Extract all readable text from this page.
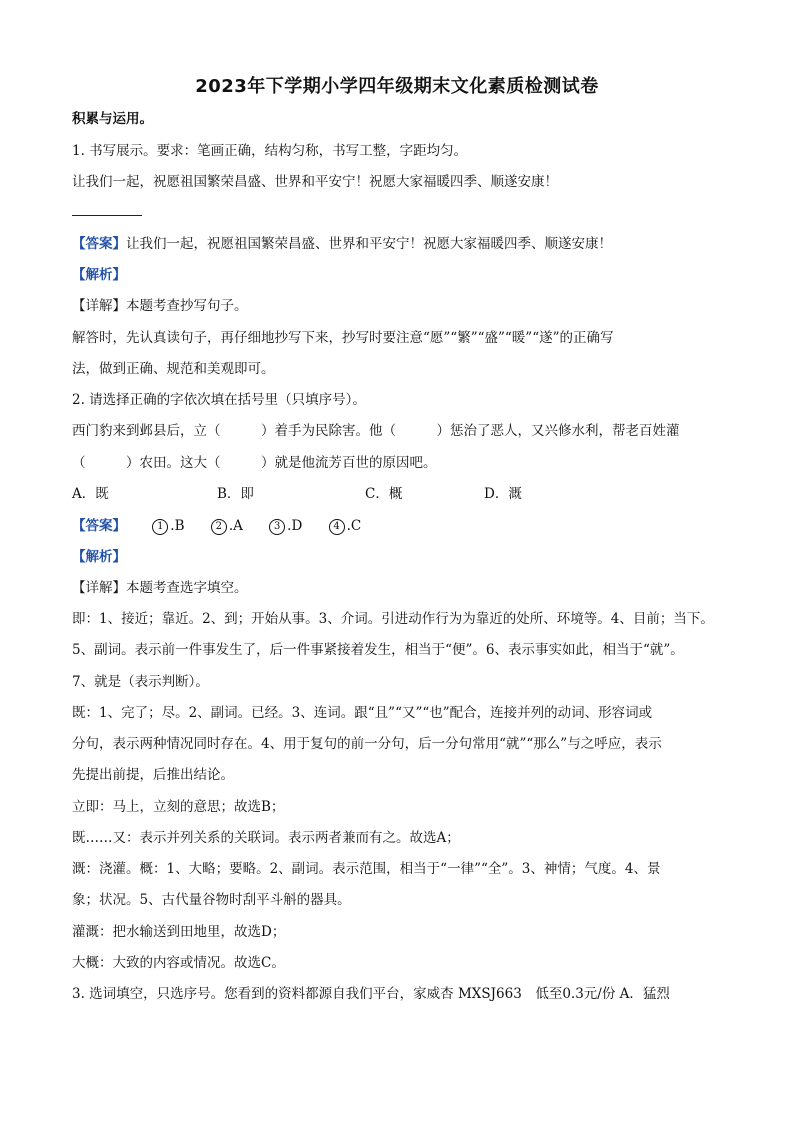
2023年下学期小学四年级期末文化素质检测试卷
积累与运用。
1. 书写展示。要求：笔画正确，结构匀称，书写工整，字距均匀。
让我们一起，祝愿祖国繁荣昌盛、世界和平安宁！祝愿大家福暖四季、顺遂安康！
【答案】让我们一起，祝愿祖国繁荣昌盛、世界和平安宁！祝愿大家福暖四季、顺遂安康！
【解析】
【详解】本题考查抄写句子。
解答时，先认真读句子，再仔细地抄写下来，抄写时要注意“愿”“繁”“盛”“暖”“遂”的正确写
法，做到正确、规范和美观即可。
2. 请选择正确的字依次填在括号里（只填序号）。
西门豹来到邺县后，立（　　　）着手为民除害。他（　　　）惩治了恶人，又兴修水利，帮老百姓灌
（　　　）农田。这大（　　　）就是他流芳百世的原因吧。
A．既	B．即	C．概	D．溉
【答案】	1 .B	2 .A	3 .D	4 .C
【解析】
【详解】本题考查选字填空。
即：1、接近；靠近。2、到；开始从事。3、介词。引进动作行为为靠近的处所、环境等。4、目前；当下。
5、副词。表示前一件事发生了，后一件事紧接着发生，相当于“便”。6、表示事实如此，相当于“就”。
7、就是（表示判断）。
既：1、完了；尽。2、副词。已经。3、连词。跟“且”“又”“也”配合，连接并列的动词、形容词或
分句，表示两种情况同时存在。4、用于复句的前一分句，后一分句常用“就”“那么”与之呼应，表示
先提出前提，后推出结论。
立即：马上，立刻的意思；故选B；
既……又：表示并列关系的关联词。表示两者兼而有之。故选A；
溉：浇灌。概：1、大略；要略。2、副词。表示范围，相当于“一律”“全”。3、神情；气度。4、景
象；状况。5、古代量谷物时刮平斗斛的器具。
灌溉：把水输送到田地里，故选D；
大概：大致的内容或情况。故选C。
3. 选词填空，只选序号。您看到的资料都源自我们平台，家威杏 MXSJ663　低至0.3元/份 A．猛烈
